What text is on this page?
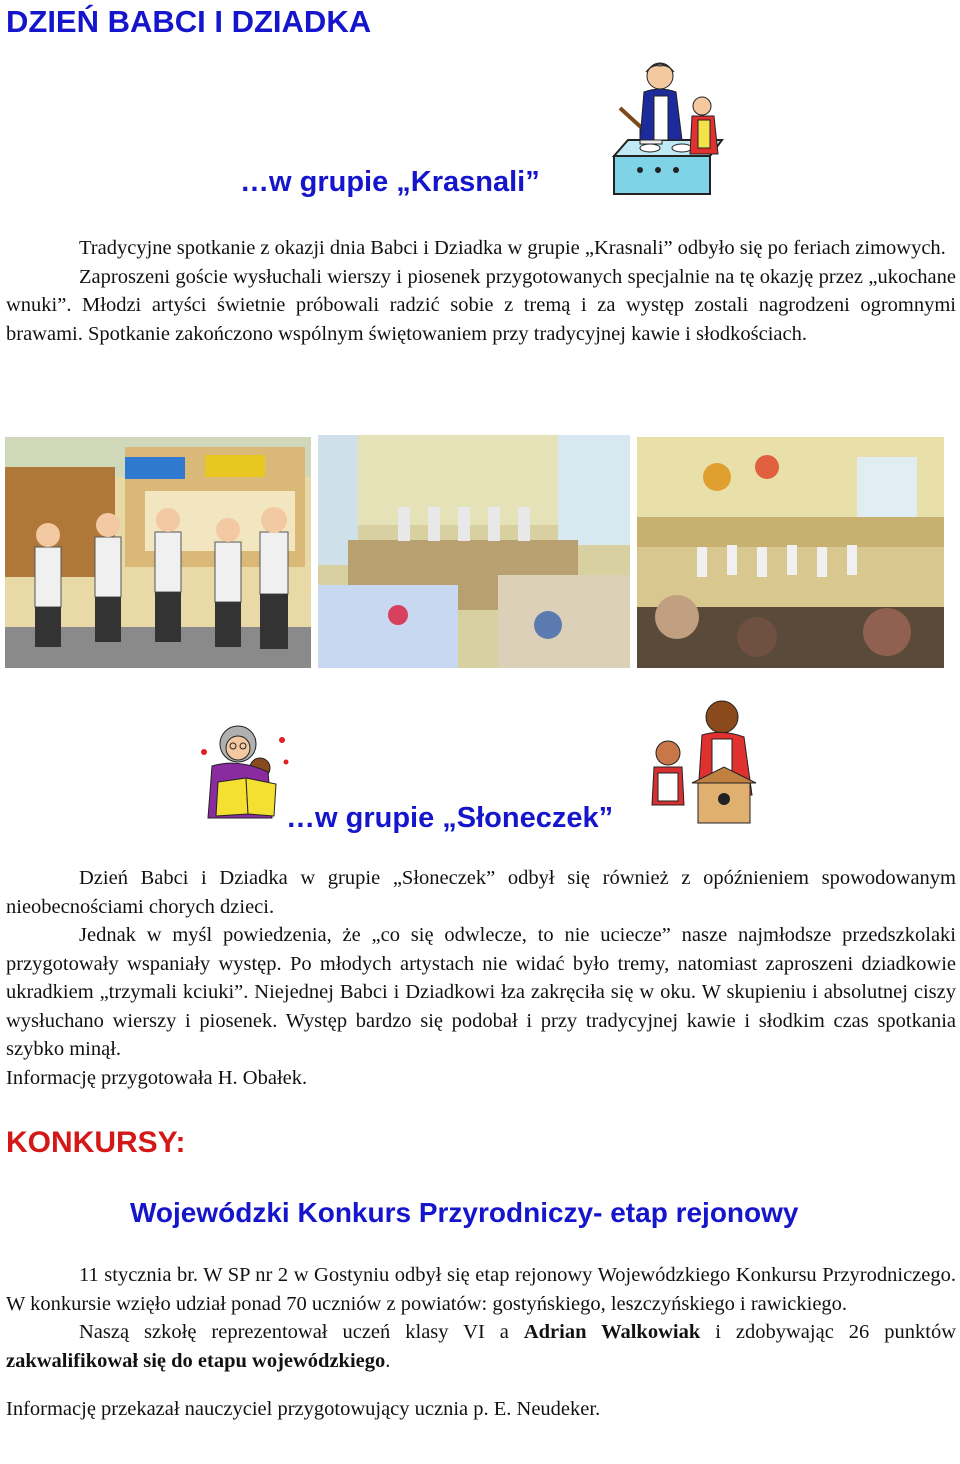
DZIEŃ BABCI I DZIADKA
…w grupie „Krasnali”

Tradycyjne spotkanie z okazji dnia Babci i Dziadka w grupie „Krasnali” odbyło się po feriach zimowych.

Zaproszeni goście wysłuchali wierszy i piosenek przygotowanych specjalnie na tę okazję przez „ukochane wnuki”. Młodzi artyści świetnie próbowali radzić sobie z tremą i za występ zostali nagrodzeni ogromnymi brawami. Spotkanie zakończono wspólnym świętowaniem przy tradycyjnej kawie i słodkościach.

…w grupie „Słoneczek”

Dzień Babci i Dziadka w grupie „Słoneczek” odbył się również z opóźnieniem spowodowanym nieobecnościami chorych dzieci.

Jednak w myśl powiedzenia, że „co się odwlecze, to nie uciecze” nasze najmłodsze przedszkolaki przygotowały wspaniały występ. Po młodych artystach nie widać było tremy, natomiast zaproszeni dziadkowie ukradkiem „trzymali kciuki”. Niejednej Babci i Dziadkowi łza zakręciła się w oku. W skupieniu i absolutnej ciszy wysłuchano wierszy i piosenek. Występ bardzo się podobał i przy tradycyjnej kawie i słodkim czas spotkania szybko minął.

Informację przygotowała H. Obałek.

KONKURSY:
Wojewódzki Konkurs Przyrodniczy- etap rejonowy

11 stycznia br. W SP nr 2 w Gostyniu odbył się etap rejonowy Wojewódzkiego Konkursu Przyrodniczego. W konkursie wzięło udział ponad 70 uczniów z powiatów: gostyńskiego, leszczyńskiego i rawickiego.

Naszą szkołę reprezentował uczeń klasy VI a Adrian Walkowiak i zdobywając 26 punktów zakwalifikował się do etapu wojewódzkiego.

Informację przekazał nauczyciel przygotowujący ucznia p. E. Neudeker.
